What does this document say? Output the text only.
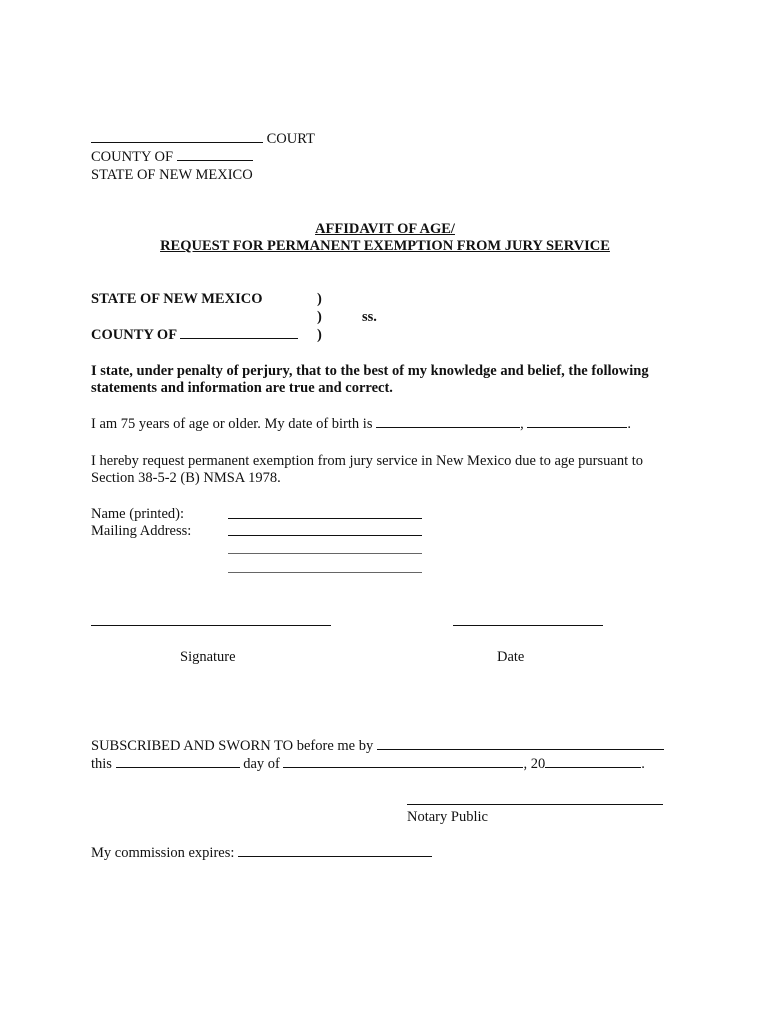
COURT
COUNTY OF
STATE OF NEW MEXICO
AFFIDAVIT OF AGE/
REQUEST FOR PERMANENT EXEMPTION FROM JURY SERVICE
STATE OF NEW MEXICO	)
)	ss.
COUNTY OF	)
I state, under penalty of perjury, that to the best of my knowledge and belief, the following
statements and information are true and correct.
I am 75 years of age or older. My date of birth is	,	.
I hereby request permanent exemption from jury service in New Mexico due to age pursuant to
Section 38-5-2 (B) NMSA 1978.
Name (printed):
Mailing Address:
Signature	Date
SUBSCRIBED AND SWORN TO before me by
this	day of	, 20	.
Notary Public
My commission expires:
